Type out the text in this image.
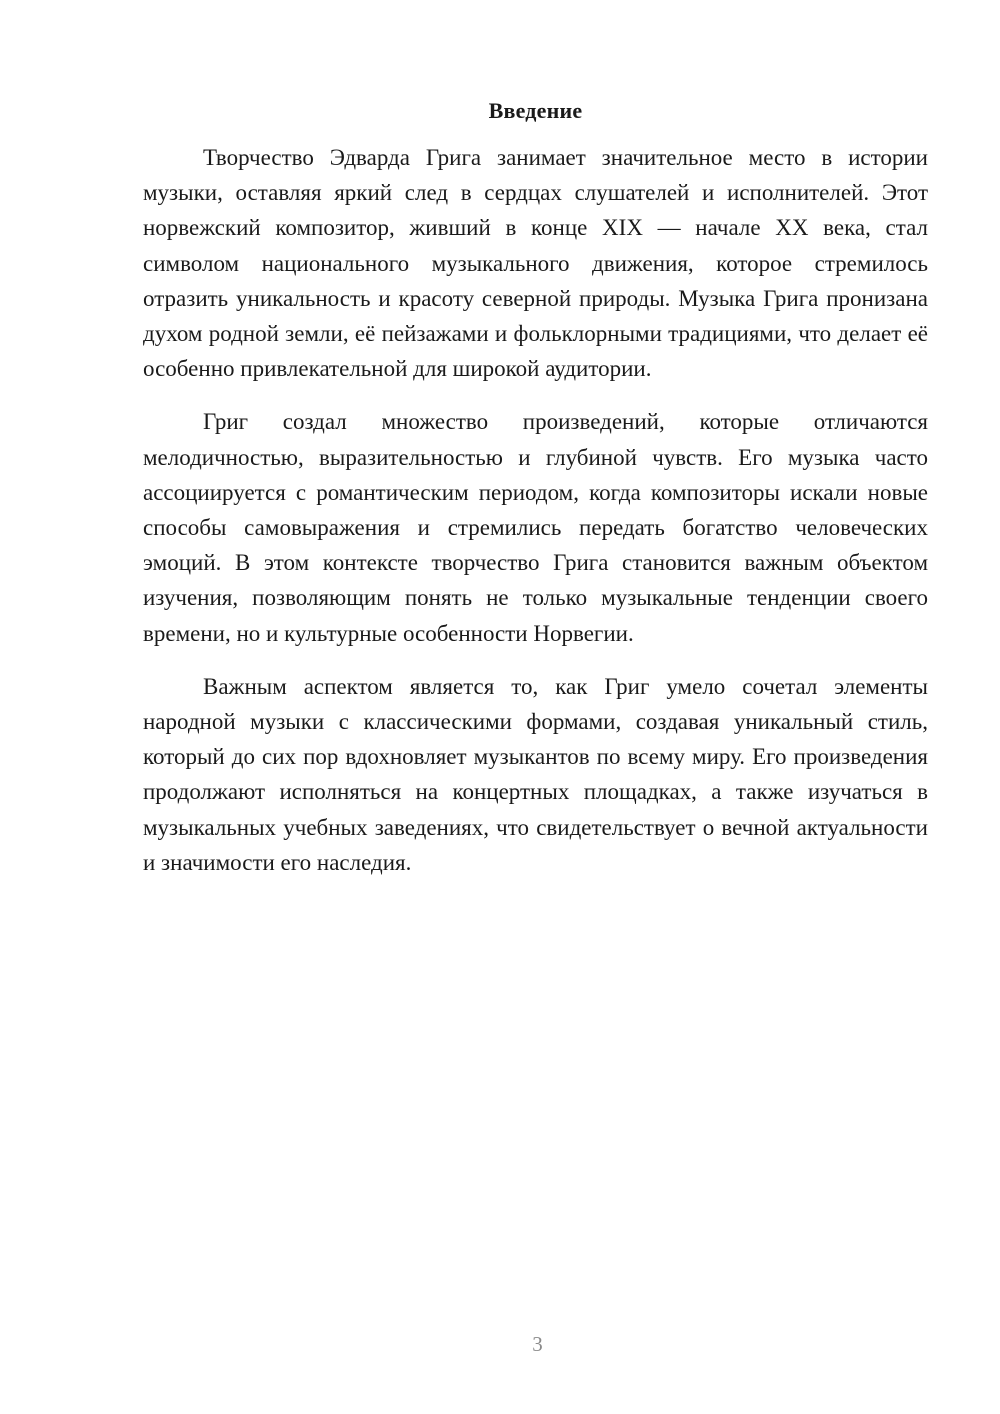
Введение

Творчество Эдварда Грига занимает значительное место в истории музыки, оставляя яркий след в сердцах слушателей и исполнителей. Этот норвежский композитор, живший в конце XIX — начале XX века, стал символом национального музыкального движения, которое стремилось отразить уникальность и красоту северной природы. Музыка Грига пронизана духом родной земли, её пейзажами и фольклорными традициями, что делает её особенно привлекательной для широкой аудитории.

Григ создал множество произведений, которые отличаются мелодичностью, выразительностью и глубиной чувств. Его музыка часто ассоциируется с романтическим периодом, когда композиторы искали новые способы самовыражения и стремились передать богатство человеческих эмоций. В этом контексте творчество Грига становится важным объектом изучения, позволяющим понять не только музыкальные тенденции своего времени, но и культурные особенности Норвегии.

Важным аспектом является то, как Григ умело сочетал элементы народной музыки с классическими формами, создавая уникальный стиль, который до сих пор вдохновляет музыкантов по всему миру. Его произведения продолжают исполняться на концертных площадках, а также изучаться в музыкальных учебных заведениях, что свидетельствует о вечной актуальности и значимости его наследия.

3
